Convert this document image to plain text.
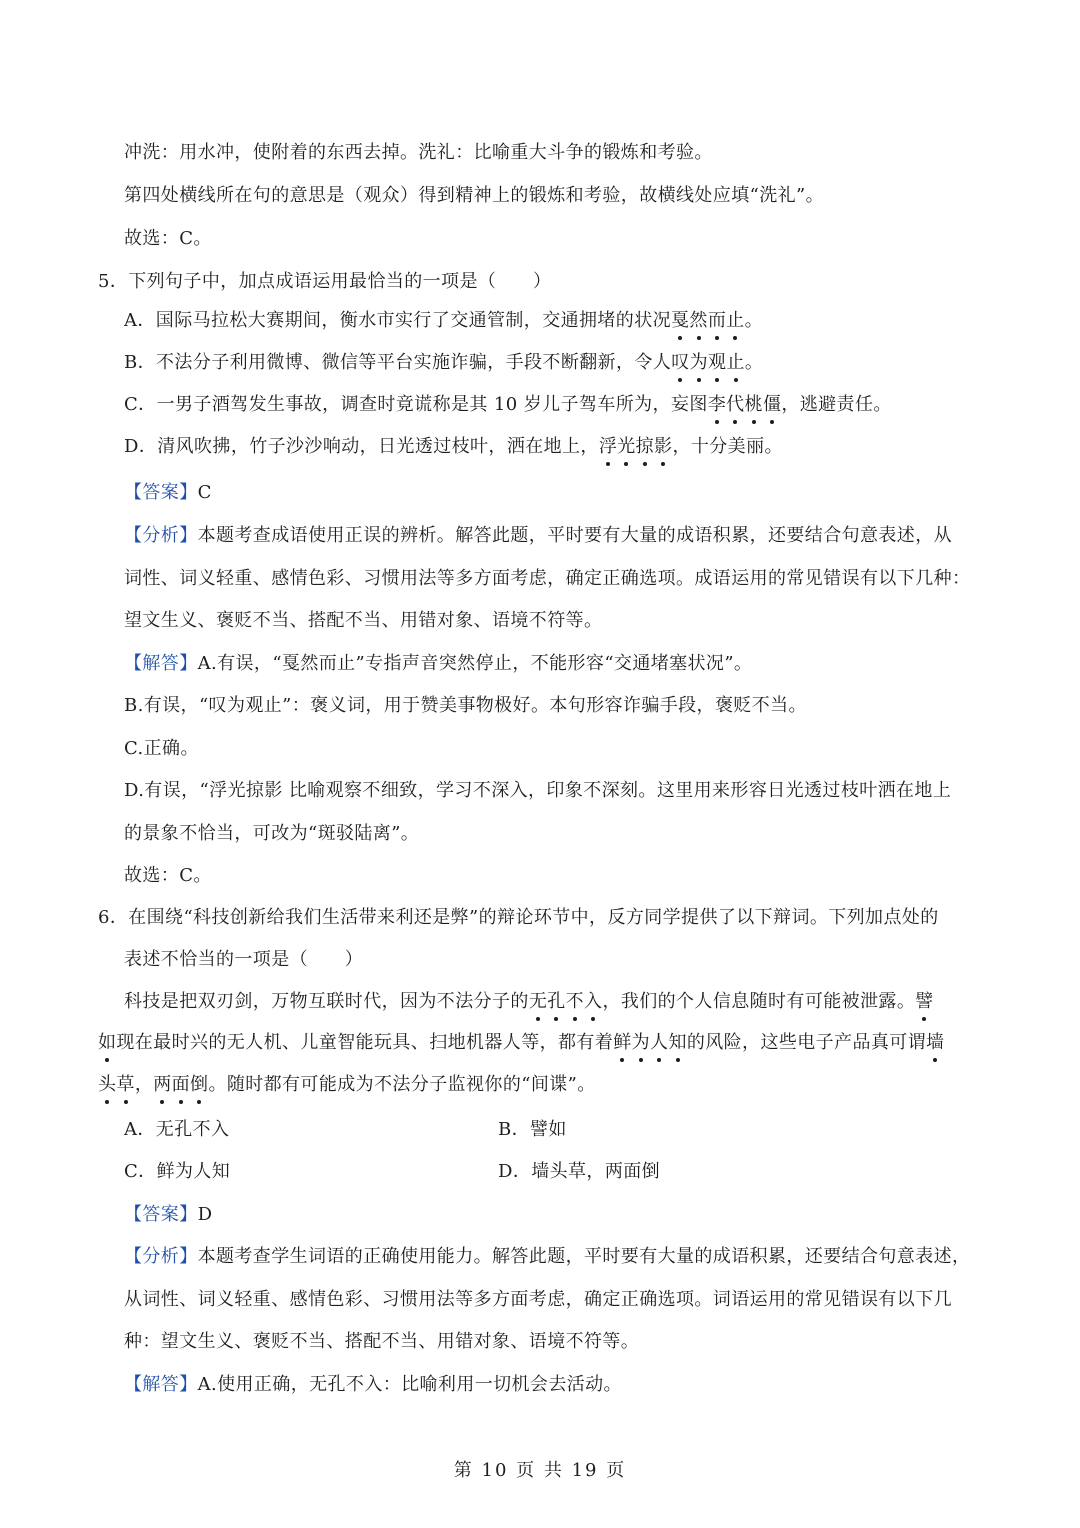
冲洗：用水冲，使附着的东西去掉。洗礼：比喻重大斗争的锻炼和考验。
第四处横线所在句的意思是（观众）得到精神上的锻炼和考验，故横线处应填“洗礼”。
故选：C。
5．下列句子中，加点成语运用最恰当的一项是（　　）
A．国际马拉松大赛期间，衡水市实行了交通管制，交通拥堵的状况戛然而止。
B．不法分子利用微博、微信等平台实施诈骗，手段不断翻新，令人叹为观止。
C．一男子酒驾发生事故，调查时竟谎称是其 10 岁儿子驾车所为，妄图李代桃僵，逃避责任。
D．清风吹拂，竹子沙沙响动，日光透过枝叶，洒在地上，浮光掠影，十分美丽。
【答案】C
【分析】本题考查成语使用正误的辨析。解答此题，平时要有大量的成语积累，还要结合句意表述，从
词性、词义轻重、感情色彩、习惯用法等多方面考虑，确定正确选项。成语运用的常见错误有以下几种：
望文生义、褒贬不当、搭配不当、用错对象、语境不符等。
【解答】A.有误，“戛然而止”专指声音突然停止，不能形容“交通堵塞状况”。
B.有误，“叹为观止”：褒义词，用于赞美事物极好。本句形容诈骗手段，褒贬不当。
C.正确。
D.有误，“浮光掠影 比喻观察不细致，学习不深入，印象不深刻。这里用来形容日光透过枝叶洒在地上
的景象不恰当，可改为“斑驳陆离”。
故选：C。
6．在围绕“科技创新给我们生活带来利还是弊”的辩论环节中，反方同学提供了以下辩词。下列加点处的
表述不恰当的一项是（　　）
科技是把双刃剑，万物互联时代，因为不法分子的无孔不入，我们的个人信息随时有可能被泄露。譬
如现在最时兴的无人机、儿童智能玩具、扫地机器人等，都有着鲜为人知的风险，这些电子产品真可谓墙
头草，两面倒。随时都有可能成为不法分子监视你的“间谍”。
A．无孔不入	B．譬如
C．鲜为人知	D．墙头草，两面倒
【答案】D
【分析】本题考查学生词语的正确使用能力。解答此题，平时要有大量的成语积累，还要结合句意表述，
从词性、词义轻重、感情色彩、习惯用法等多方面考虑，确定正确选项。词语运用的常见错误有以下几
种：望文生义、褒贬不当、搭配不当、用错对象、语境不符等。
【解答】A.使用正确，无孔不入：比喻利用一切机会去活动。
第 10 页 共 19 页
